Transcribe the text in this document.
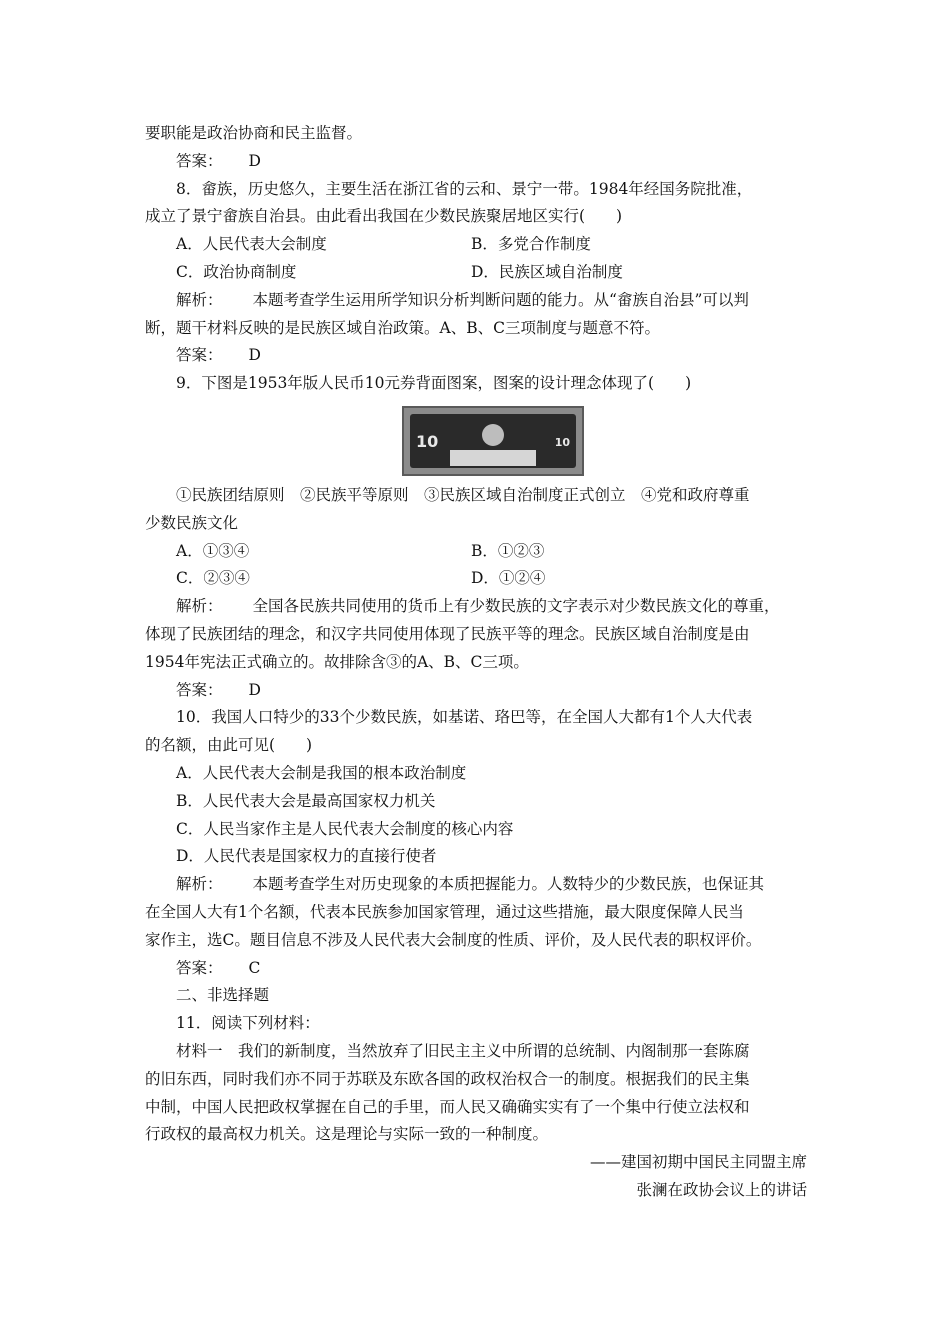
要职能是政治协商和民主监督。
答案： D
8．畲族，历史悠久，主要生活在浙江省的云和、景宁一带。1984年经国务院批准，
成立了景宁畲族自治县。由此看出我国在少数民族聚居地区实行(　　)
A．人民代表大会制度	B．多党合作制度
C．政治协商制度	D．民族区域自治制度
解析： 本题考查学生运用所学知识分析判断问题的能力。从“畲族自治县”可以判
断，题干材料反映的是民族区域自治政策。A、B、C三项制度与题意不符。
答案： D
9．下图是1953年版人民币10元券背面图案，图案的设计理念体现了(　　)
10	10
①民族团结原则　②民族平等原则　③民族区域自治制度正式创立　④党和政府尊重
少数民族文化
A．①③④	B．①②③
C．②③④	D．①②④
解析： 全国各民族共同使用的货币上有少数民族的文字表示对少数民族文化的尊重，
体现了民族团结的理念，和汉字共同使用体现了民族平等的理念。民族区域自治制度是由
1954年宪法正式确立的。故排除含③的A、B、C三项。
答案： D
10．我国人口特少的33个少数民族，如基诺、珞巴等，在全国人大都有1个人大代表
的名额，由此可见(　　)
A．人民代表大会制是我国的根本政治制度
B．人民代表大会是最高国家权力机关
C．人民当家作主是人民代表大会制度的核心内容
D．人民代表是国家权力的直接行使者
解析： 本题考查学生对历史现象的本质把握能力。人数特少的少数民族，也保证其
在全国人大有1个名额，代表本民族参加国家管理，通过这些措施，最大限度保障人民当
家作主，选C。题目信息不涉及人民代表大会制度的性质、评价，及人民代表的职权评价。
答案： C
二、非选择题
11．阅读下列材料：
材料一　我们的新制度，当然放弃了旧民主主义中所谓的总统制、内阁制那一套陈腐
的旧东西，同时我们亦不同于苏联及东欧各国的政权治权合一的制度。根据我们的民主集
中制，中国人民把政权掌握在自己的手里，而人民又确确实实有了一个集中行使立法权和
行政权的最高权力机关。这是理论与实际一致的一种制度。
——建国初期中国民主同盟主席
张澜在政协会议上的讲话
